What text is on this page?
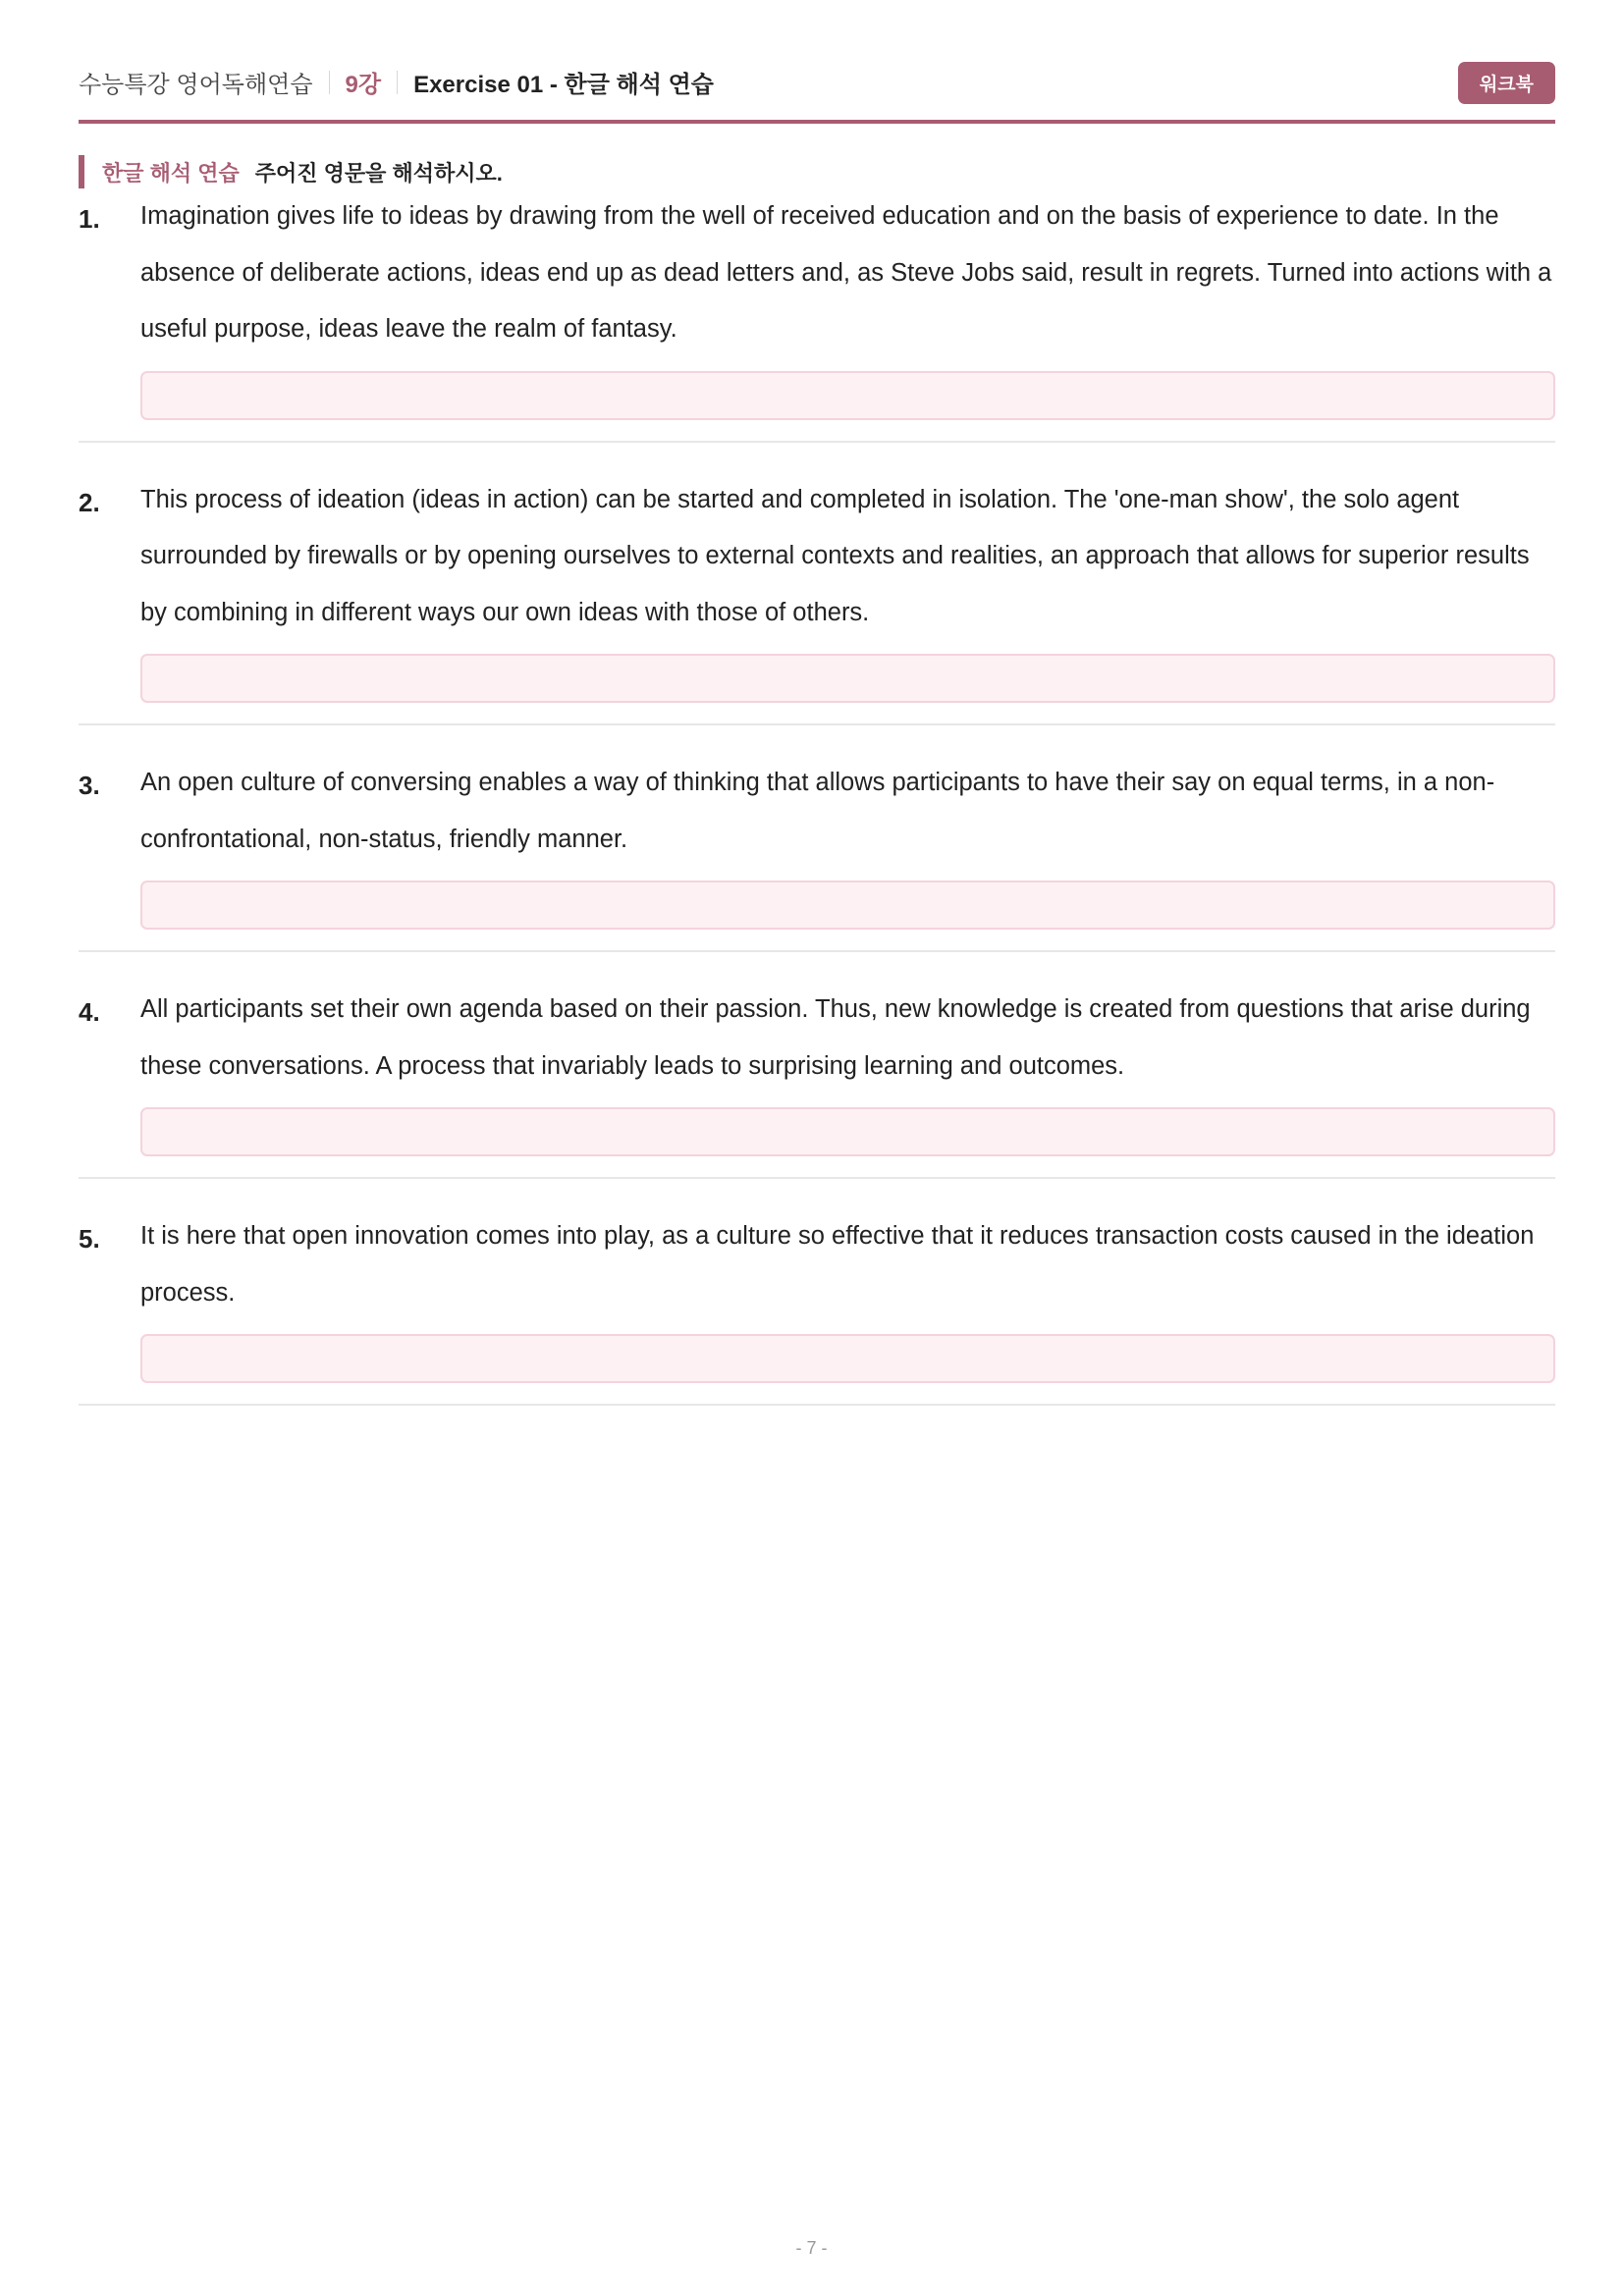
수능특강 영어독해연습 9강 Exercise 01 - 한글 해석 연습	워크북
한글 해석 연습 주어진 영문을 해석하시오.
1. Imagination gives life to ideas by drawing from the well of received education and on the basis of experience to date. In the absence of deliberate actions, ideas end up as dead letters and, as Steve Jobs said, result in regrets. Turned into actions with a useful purpose, ideas leave the realm of fantasy.
2. This process of ideation (ideas in action) can be started and completed in isolation. The 'one-man show', the solo agent surrounded by firewalls or by opening ourselves to external contexts and realities, an approach that allows for superior results by combining in different ways our own ideas with those of others.
3. An open culture of conversing enables a way of thinking that allows participants to have their say on equal terms, in a non-confrontational, non-status, friendly manner.
4. All participants set their own agenda based on their passion. Thus, new knowledge is created from questions that arise during these conversations. A process that invariably leads to surprising learning and outcomes.
5. It is here that open innovation comes into play, as a culture so effective that it reduces transaction costs caused in the ideation process.
- 7 -
